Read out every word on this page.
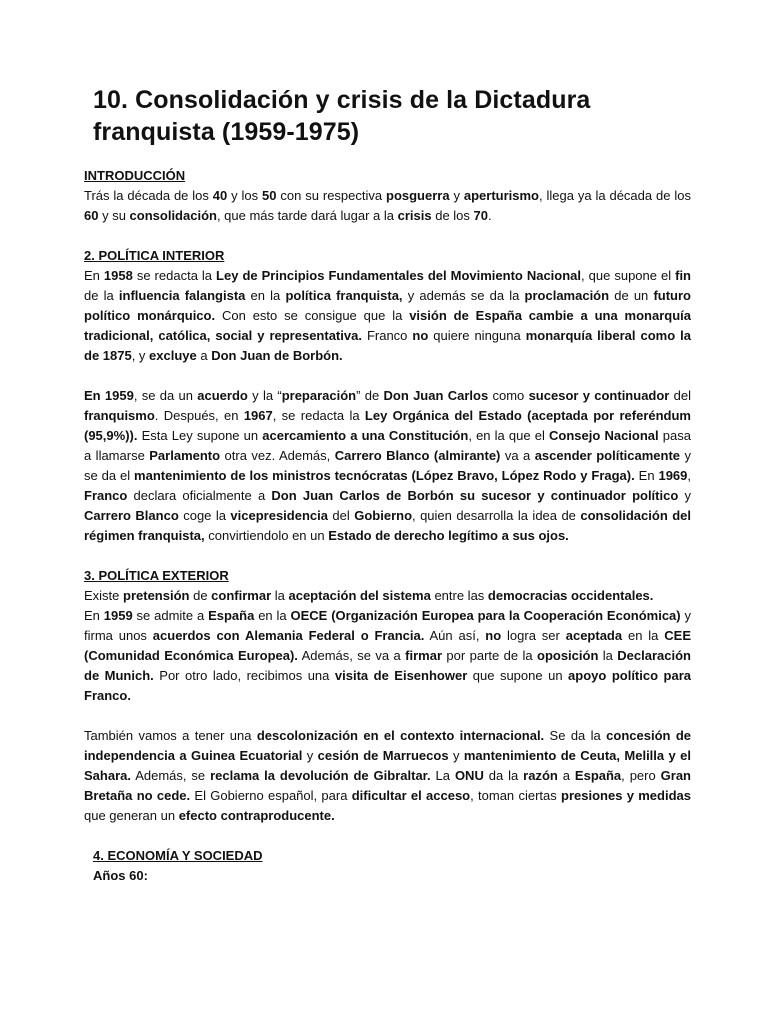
10. Consolidación y crisis de la Dictadura franquista (1959-1975)
INTRODUCCIÓN

Trás la década de los 40 y los 50 con su respectiva posguerra y aperturismo, llega ya la década de los 60 y su consolidación, que más tarde dará lugar a la crisis de los 70.

2. POLÍTICA INTERIOR

En 1958 se redacta la Ley de Principios Fundamentales del Movimiento Nacional, que supone el fin de la influencia falangista en la política franquista, y además se da la proclamación de un futuro político monárquico. Con esto se consigue que la visión de España cambie a una monarquía tradicional, católica, social y representativa. Franco no quiere ninguna monarquía liberal como la de 1875, y excluye a Don Juan de Borbón.

En 1959, se da un acuerdo y la “preparación” de Don Juan Carlos como sucesor y continuador del franquismo. Después, en 1967, se redacta la Ley Orgánica del Estado (aceptada por referéndum (95,9%)). Esta Ley supone un acercamiento a una Constitución, en la que el Consejo Nacional pasa a llamarse Parlamento otra vez. Además, Carrero Blanco (almirante) va a ascender políticamente y se da el mantenimiento de los ministros tecnócratas (López Bravo, López Rodo y Fraga). En 1969, Franco declara oficialmente a Don Juan Carlos de Borbón su sucesor y continuador político y Carrero Blanco coge la vicepresidencia del Gobierno, quien desarrolla la idea de consolidación del régimen franquista, convirtiendolo en un Estado de derecho legítimo a sus ojos.

3. POLÍTICA EXTERIOR

Existe pretensión de confirmar la aceptación del sistema entre las democracias occidentales.
En 1959 se admite a España en la OECE (Organización Europea para la Cooperación Económica) y firma unos acuerdos con Alemania Federal o Francia. Aún así, no logra ser aceptada en la CEE (Comunidad Económica Europea). Además, se va a firmar por parte de la oposición la Declaración de Munich. Por otro lado, recibimos una visita de Eisenhower que supone un apoyo político para Franco.

También vamos a tener una descolonización en el contexto internacional. Se da la concesión de independencia a Guinea Ecuatorial y cesión de Marruecos y mantenimiento de Ceuta, Melilla y el Sahara. Además, se reclama la devolución de Gibraltar. La ONU da la razón a España, pero Gran Bretaña no cede. El Gobierno español, para dificultar el acceso, toman ciertas presiones y medidas que generan un efecto contraproducente.

4. ECONOMÍA Y SOCIEDAD
Años 60:
